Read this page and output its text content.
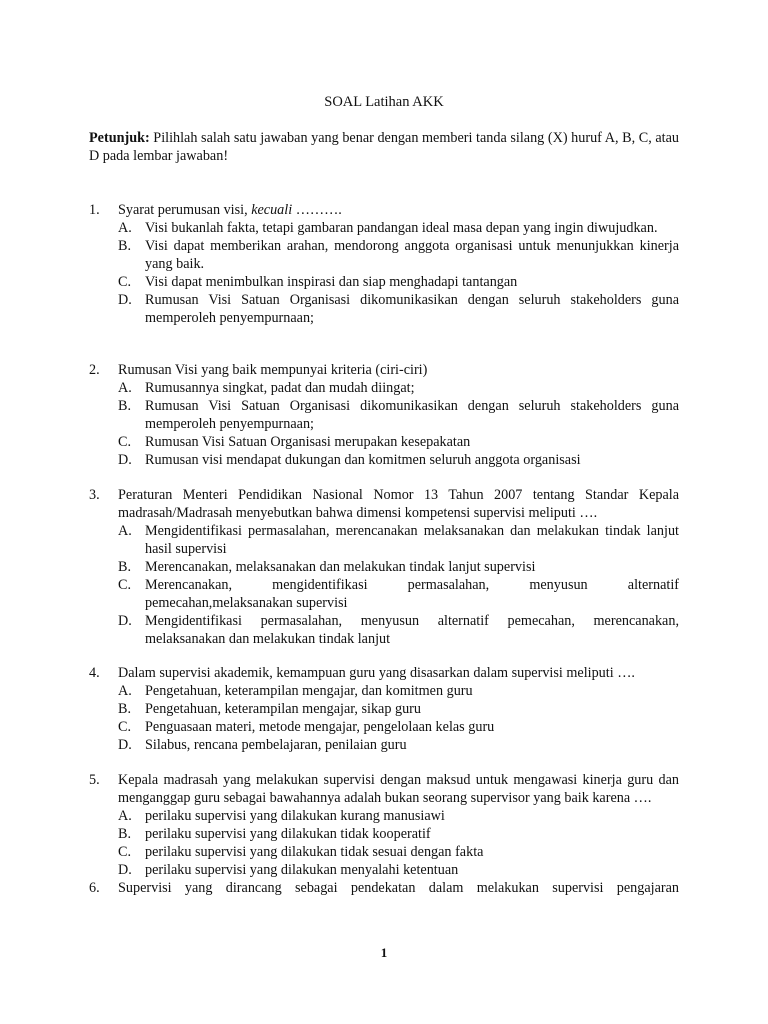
SOAL Latihan AKK
Petunjuk: Pilihlah salah satu jawaban yang benar dengan memberi tanda silang (X) huruf A, B, C, atau D pada lembar jawaban!
1. Syarat perumusan visi, kecuali ……….
A. Visi bukanlah fakta, tetapi gambaran pandangan ideal masa depan yang ingin diwujudkan.
B. Visi dapat memberikan arahan, mendorong anggota organisasi untuk menunjukkan kinerja yang baik.
C. Visi dapat menimbulkan inspirasi dan siap menghadapi tantangan
D. Rumusan Visi Satuan Organisasi dikomunikasikan dengan seluruh stakeholders guna memperoleh penyempurnaan;
2. Rumusan Visi yang baik mempunyai kriteria (ciri-ciri)
A. Rumusannya singkat, padat dan mudah diingat;
B. Rumusan Visi Satuan Organisasi dikomunikasikan dengan seluruh stakeholders guna memperoleh penyempurnaan;
C. Rumusan Visi Satuan Organisasi merupakan kesepakatan
D. Rumusan visi mendapat dukungan dan komitmen seluruh anggota organisasi
3. Peraturan Menteri Pendidikan Nasional Nomor 13 Tahun 2007 tentang Standar Kepala madrasah/Madrasah menyebutkan bahwa dimensi kompetensi supervisi meliputi ….
A. Mengidentifikasi permasalahan, merencanakan melaksanakan dan melakukan tindak lanjut hasil supervisi
B. Merencanakan, melaksanakan dan melakukan tindak lanjut supervisi
C. Merencanakan, mengidentifikasi permasalahan, menyusun alternatif pemecahan,melaksanakan supervisi
D. Mengidentifikasi permasalahan, menyusun alternatif pemecahan, merencanakan, melaksanakan dan melakukan tindak lanjut
4. Dalam supervisi akademik, kemampuan guru yang disasarkan dalam supervisi meliputi ….
A. Pengetahuan, keterampilan mengajar, dan komitmen guru
B. Pengetahuan, keterampilan mengajar, sikap guru
C. Penguasaan materi, metode mengajar, pengelolaan kelas guru
D. Silabus, rencana pembelajaran, penilaian guru
5. Kepala madrasah yang melakukan supervisi dengan maksud untuk mengawasi kinerja guru dan menganggap guru sebagai bawahannya adalah bukan seorang supervisor yang baik karena ….
A. perilaku supervisi yang dilakukan kurang manusiawi
B. perilaku supervisi yang dilakukan tidak kooperatif
C. perilaku supervisi yang dilakukan tidak sesuai dengan fakta
D. perilaku supervisi yang dilakukan menyalahi ketentuan
6. Supervisi yang dirancang sebagai pendekatan dalam melakukan supervisi pengajaran
1
